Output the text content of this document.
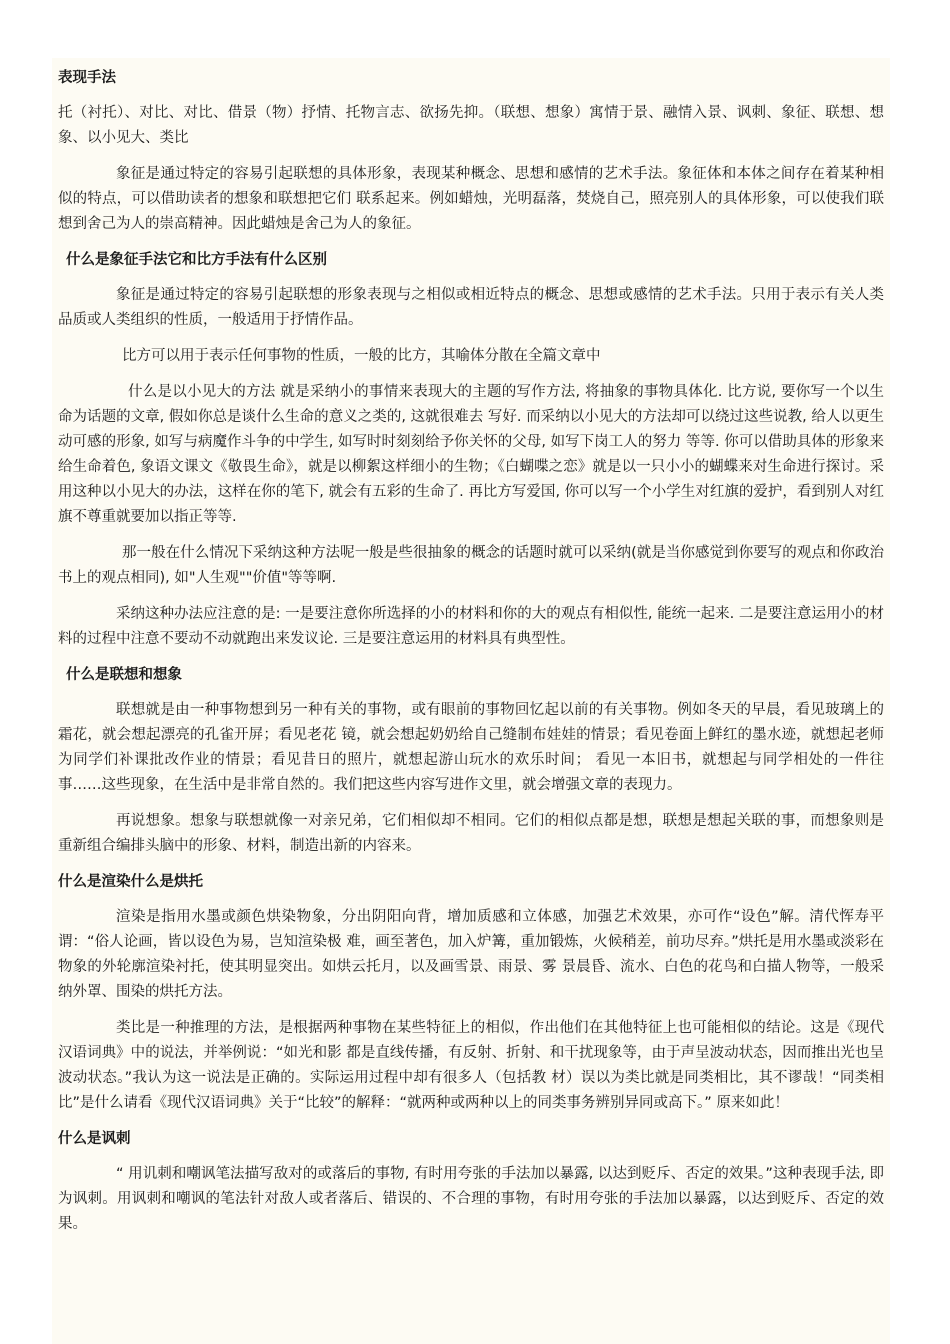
表现手法
托（衬托）、对比、对比、借景（物）抒情、托物言志、欲扬先抑。（联想、想象）寓情于景、融情入景、讽刺、象征、联想、想象、以小见大、类比
象征是通过特定的容易引起联想的具体形象，表现某种概念、思想和感情的艺术手法。象征体和本体之间存在着某种相似的特点，可以借助读者的想象和联想把它们 联系起来。例如蜡烛，光明磊落，焚烧自己，照亮别人的具体形象，可以使我们联想到舍己为人的崇高精神。因此蜡烛是舍己为人的象征。
什么是象征手法它和比方手法有什么区别
象征是通过特定的容易引起联想的形象表现与之相似或相近特点的概念、思想或感情的艺术手法。只用于表示有关人类品质或人类组织的性质，一般适用于抒情作品。
比方可以用于表示任何事物的性质，一般的比方，其喻体分散在全篇文章中
什么是以小见大的方法 就是采纳小的事情来表现大的主题的写作方法, 将抽象的事物具体化. 比方说, 要你写一个以生命为话题的文章, 假如你总是谈什么生命的意义之类的, 这就很难去 写好. 而采纳以小见大的方法却可以绕过这些说教, 给人以更生动可感的形象, 如写与病魔作斗争的中学生, 如写时时刻刻给予你关怀的父母, 如写下岗工人的努力 等等. 你可以借助具体的形象来给生命着色, 象语文课文《敬畏生命》，就是以柳絮这样细小的生物；《白蝴喋之恋》就是以一只小小的蝴蝶来对生命进行探讨。采 用这种以小见大的办法，这样在你的笔下, 就会有五彩的生命了. 再比方写爱国, 你可以写一个小学生对红旗的爱护，看到别人对红旗不尊重就要加以指正等等.
那一般在什么情况下采纳这种方法呢一般是些很抽象的概念的话题时就可以采纳(就是当你感觉到你要写的观点和你政治书上的观点相同), 如"人生观""价值"等等啊.
采纳这种办法应注意的是: 一是要注意你所选择的小的材料和你的大的观点有相似性, 能统一起来. 二是要注意运用小的材料的过程中注意不要动不动就跑出来发议论. 三是要注意运用的材料具有典型性。
什么是联想和想象
联想就是由一种事物想到另一种有关的事物，或有眼前的事物回忆起以前的有关事物。例如冬天的早晨，看见玻璃上的霜花，就会想起漂亮的孔雀开屏；看见老花 镜，就会想起奶奶给自己缝制布娃娃的情景；看见卷面上鲜红的墨水迹，就想起老师为同学们补课批改作业的情景；看见昔日的照片，就想起游山玩水的欢乐时间； 看见一本旧书，就想起与同学相处的一件往事……这些现象，在生活中是非常自然的。我们把这些内容写进作文里，就会增强文章的表现力。
再说想象。想象与联想就像一对亲兄弟，它们相似却不相同。它们的相似点都是想，联想是想起关联的事，而想象则是重新组合编排头脑中的形象、材料，制造出新的内容来。
什么是渲染什么是烘托
渲染是指用水墨或颜色烘染物象，分出阴阳向背，增加质感和立体感，加强艺术效果，亦可作“设色”解。清代恽寿平谓：“俗人论画，皆以设色为易，岂知渲染极 难，画至著色，加入炉篝，重加锻炼，火候稍差，前功尽弃。”烘托是用水墨或淡彩在物象的外轮廓渲染衬托，使其明显突出。如烘云托月，以及画雪景、雨景、雾 景晨昏、流水、白色的花鸟和白描人物等，一般采纳外罩、围染的烘托方法。
类比是一种推理的方法，是根据两种事物在某些特征上的相似，作出他们在其他特征上也可能相似的结论。这是《现代汉语词典》中的说法，并举例说：“如光和影 都是直线传播，有反射、折射、和干扰现象等，由于声呈波动状态，因而推出光也呈波动状态。”我认为这一说法是正确的。实际运用过程中却有很多人（包括教 材）误以为类比就是同类相比，其不谬哉！“同类相比”是什么请看《现代汉语词典》关于“比较”的解释：“就两种或两种以上的同类事务辨别异同或高下。” 原来如此！
什么是讽刺
“ 用讥刺和嘲讽笔法描写敌对的或落后的事物, 有时用夸张的手法加以暴露, 以达到贬斥、否定的效果。”这种表现手法, 即为讽刺。用讽刺和嘲讽的笔法针对敌人或者落后、错误的、不合理的事物，有时用夸张的手法加以暴露，以达到贬斥、否定的效果。
